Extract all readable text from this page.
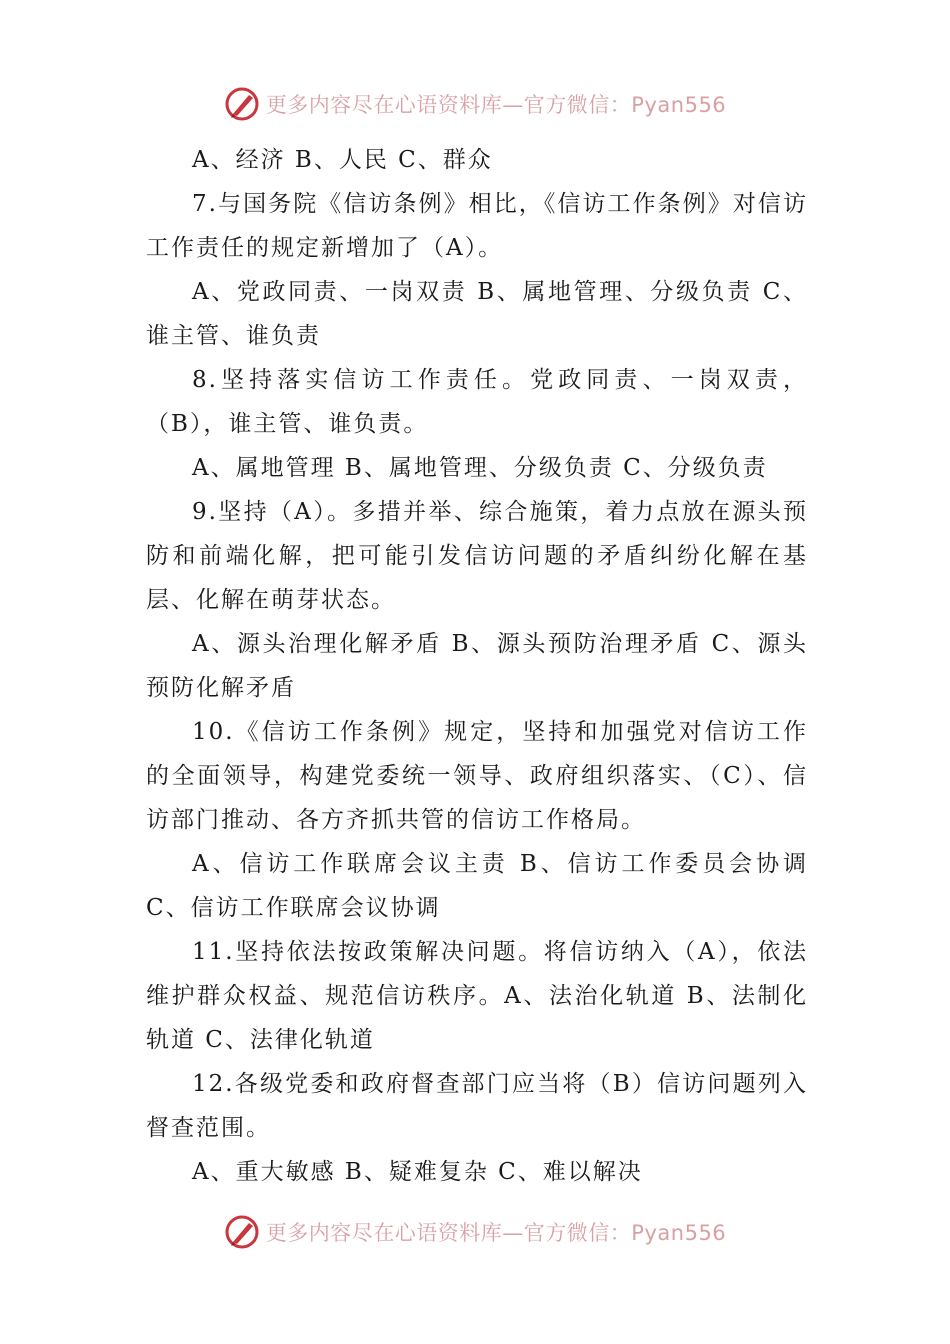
更多内容尽在心语资料库—官方微信：Pyan556

A、经济 B、人民 C、群众

7.与国务院《信访条例》相比，《信访工作条例》对信访工作责任的规定新增加了（A）。

A、党政同责、一岗双责 B、属地管理、分级负责 C、谁主管、谁负责

8.坚持落实信访工作责任。党政同责、一岗双责，（B），谁主管、谁负责。

A、属地管理 B、属地管理、分级负责 C、分级负责

9.坚持（A）。多措并举、综合施策，着力点放在源头预防和前端化解，把可能引发信访问题的矛盾纠纷化解在基层、化解在萌芽状态。

A、源头治理化解矛盾 B、源头预防治理矛盾 C、源头预防化解矛盾

10.《信访工作条例》规定，坚持和加强党对信访工作的全面领导，构建党委统一领导、政府组织落实、（C）、信访部门推动、各方齐抓共管的信访工作格局。

A、信访工作联席会议主责 B、信访工作委员会协调 C、信访工作联席会议协调

11.坚持依法按政策解决问题。将信访纳入（A），依法维护群众权益、规范信访秩序。A、法治化轨道 B、法制化轨道 C、法律化轨道

12.各级党委和政府督查部门应当将（B）信访问题列入督查范围。

A、重大敏感 B、疑难复杂 C、难以解决

更多内容尽在心语资料库—官方微信：Pyan556
